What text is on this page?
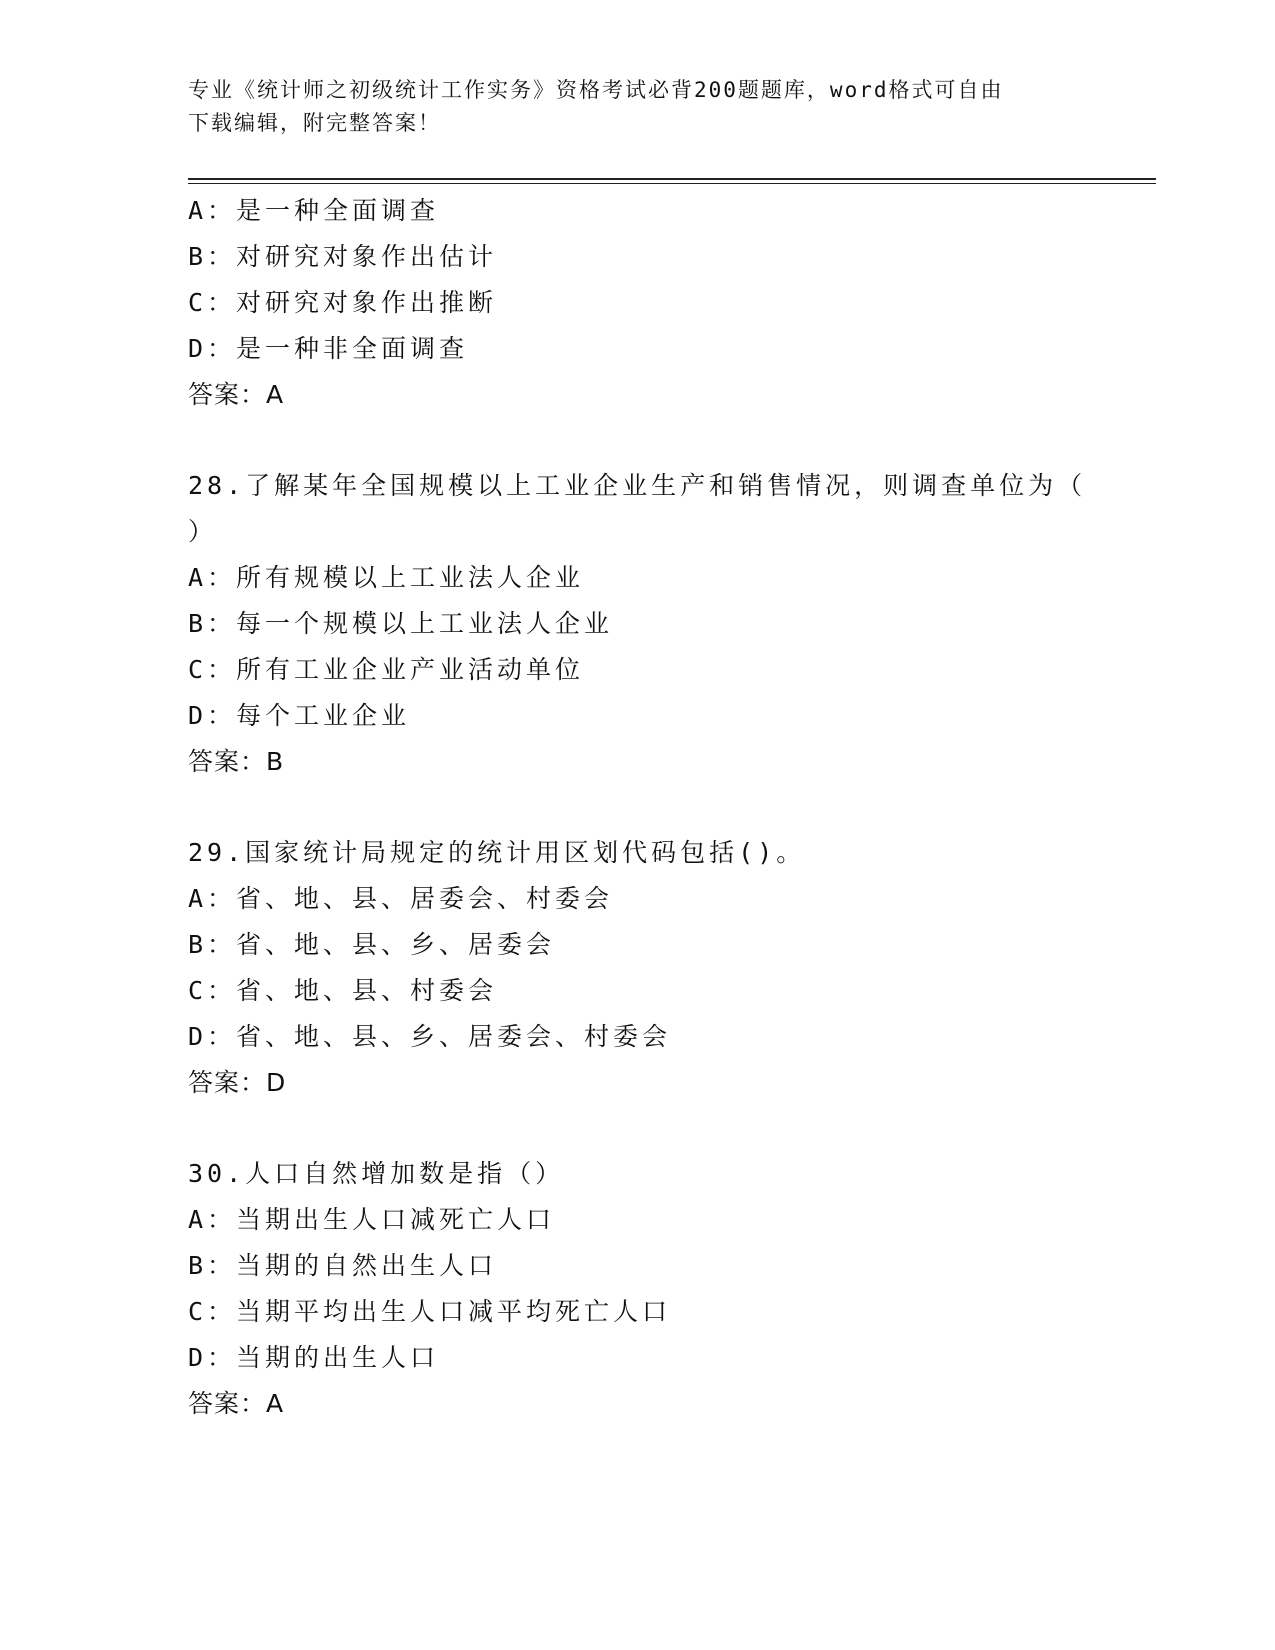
专业《统计师之初级统计工作实务》资格考试必背200题题库，word格式可自由
下载编辑，附完整答案！
A：是一种全面调查
B：对研究对象作出估计
C：对研究对象作出推断
D：是一种非全面调查
答案：A
28.了解某年全国规模以上工业企业生产和销售情况，则调查单位为（
）
A：所有规模以上工业法人企业
B：每一个规模以上工业法人企业
C：所有工业企业产业活动单位
D：每个工业企业
答案：B
29.国家统计局规定的统计用区划代码包括()。
A：省、地、县、居委会、村委会
B：省、地、县、乡、居委会
C：省、地、县、村委会
D：省、地、县、乡、居委会、村委会
答案：D
30.人口自然增加数是指（）
A：当期出生人口减死亡人口
B：当期的自然出生人口
C：当期平均出生人口减平均死亡人口
D：当期的出生人口
答案：A
